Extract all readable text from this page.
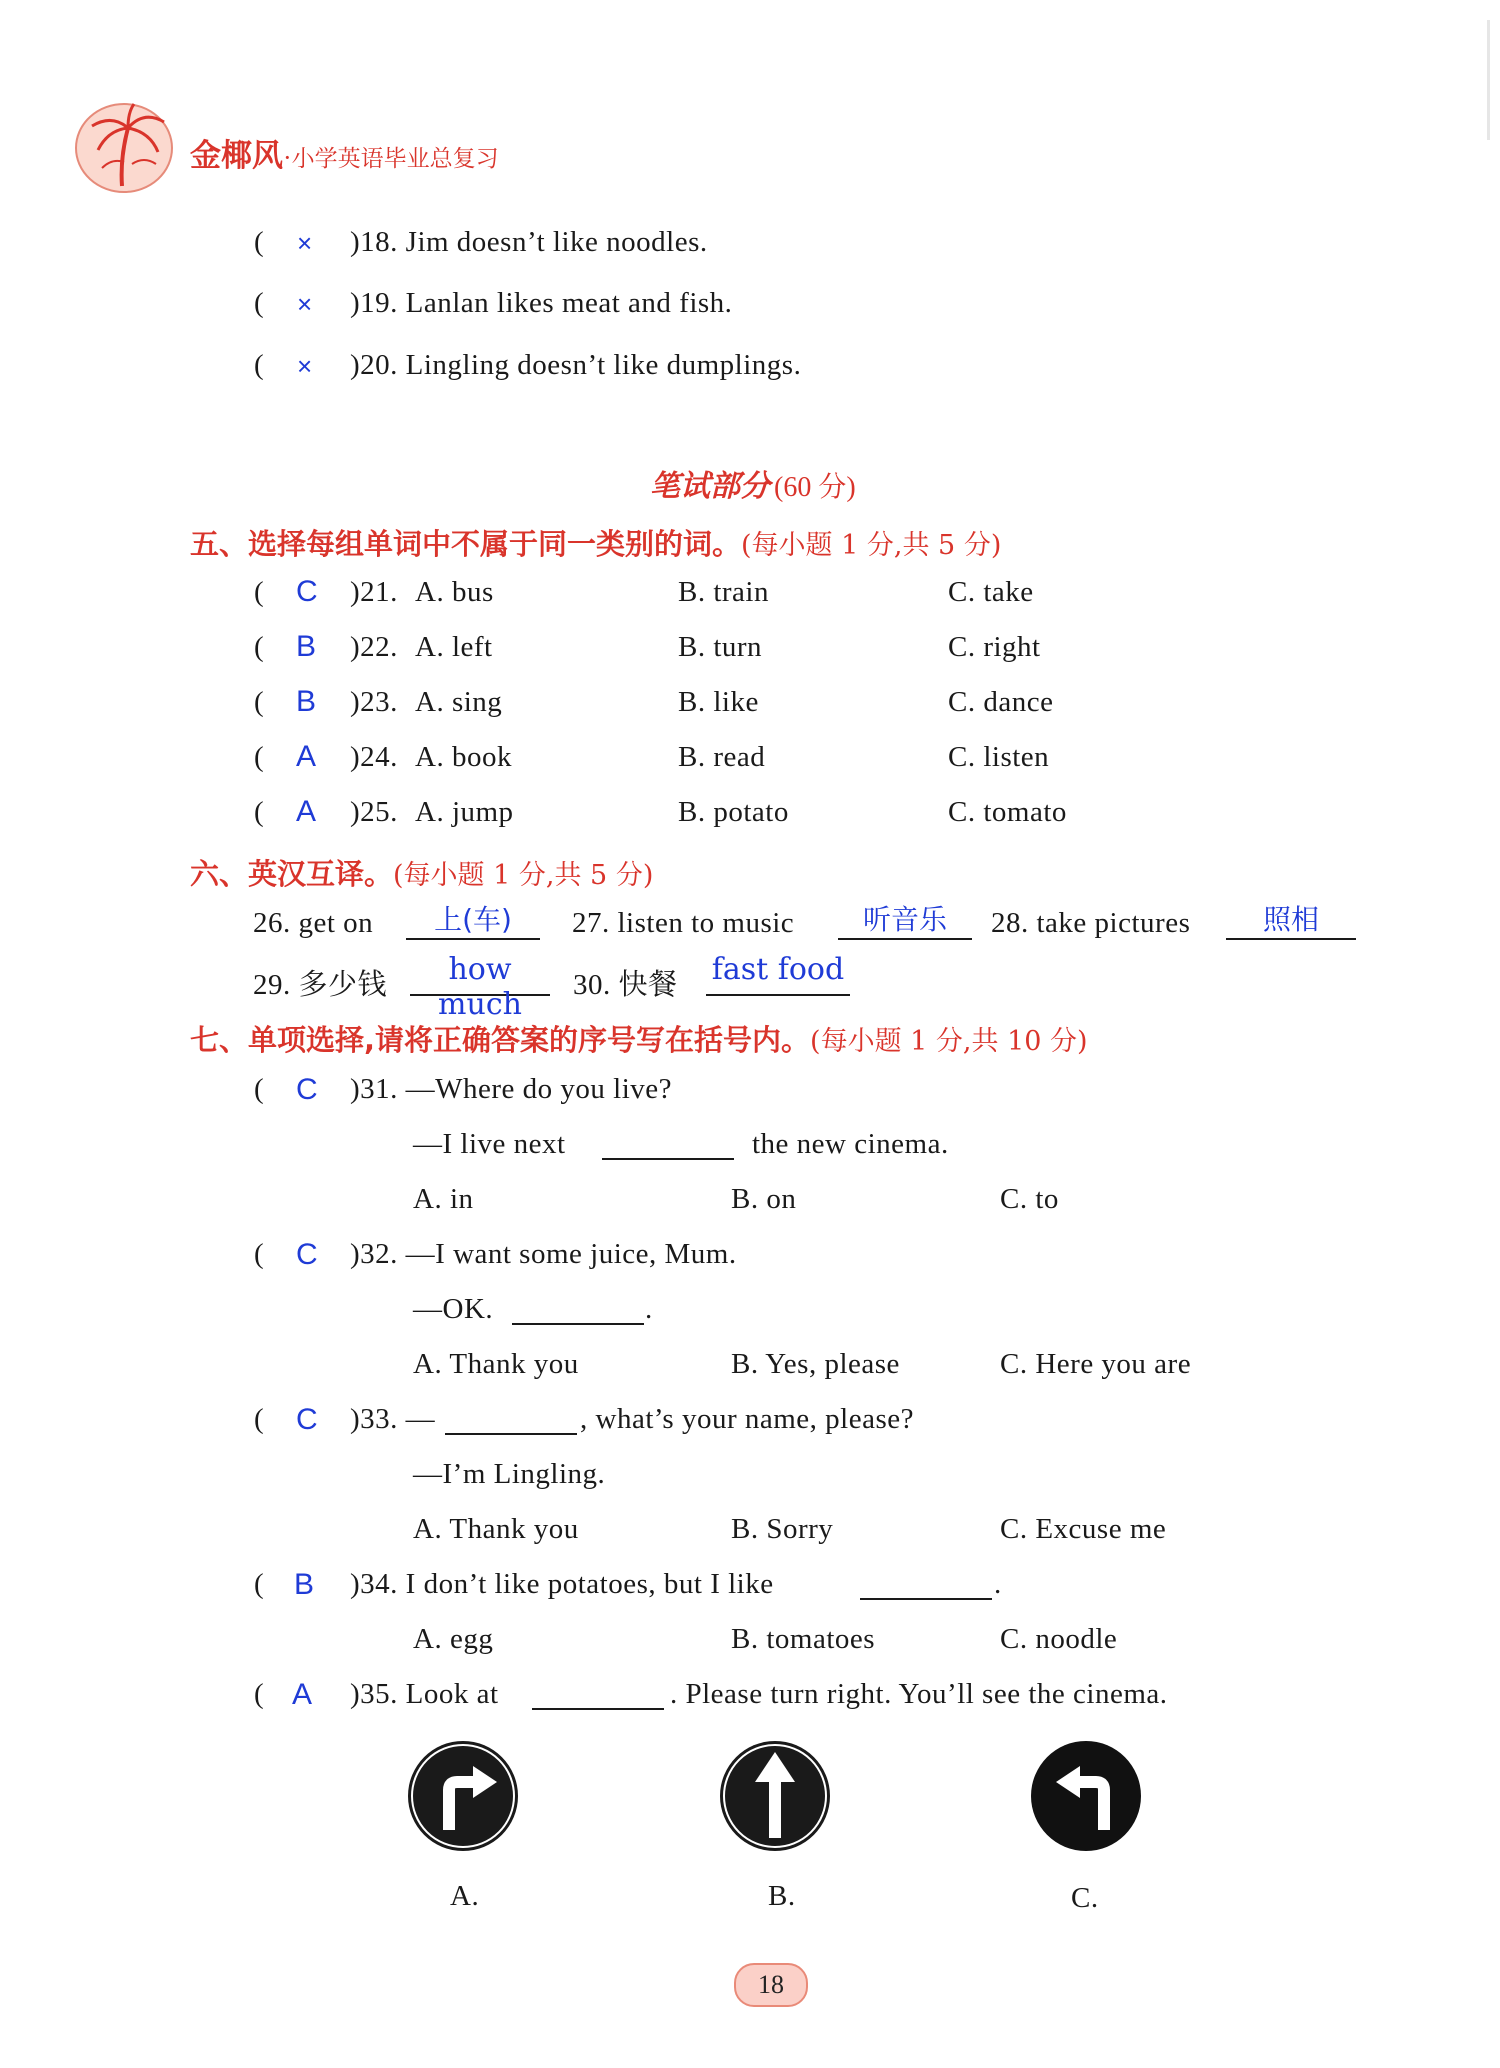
金椰风·小学英语毕业总复习
( × )18. Jim doesn’t like noodles.
( × )19. Lanlan likes meat and fish.
( × )20. Lingling doesn’t like dumplings.
笔试部分 (60 分)
五、选择每组单词中不属于同一类别的词。(每小题 1 分,共 5 分)
( C )21. A. bus	B. train	C. take
( B )22. A. left	B. turn	C. right
( B )23. A. sing	B. like	C. dance
( A )24. A. book	B. read	C. listen
( A )25. A. jump	B. potato	C. tomato
六、英汉互译。(每小题 1 分,共 5 分)
26. get on	上(车)	27. listen to music	听音乐	28. take pictures	照相
29. 多少钱	how much
30. 快餐 fast food
七、单项选择,请将正确答案的序号写在括号内。(每小题 1 分,共 10 分)
( C )31. —Where do you live?
—I live next	the new cinema.
A. in	B. on	C. to
( C )32. —I want some juice, Mum.
—OK.	.
A. Thank you	B. Yes, please	C. Here you are
( C )33. —	, what’s your name, please?
—I’m Lingling.
A. Thank you	B. Sorry	C. Excuse me
( B )34. I don’t like potatoes, but I like	.
A. egg	B. tomatoes	C. noodle
( A )35. Look at	. Please turn right. You’ll see the cinema.
A.	B.	C.
18
